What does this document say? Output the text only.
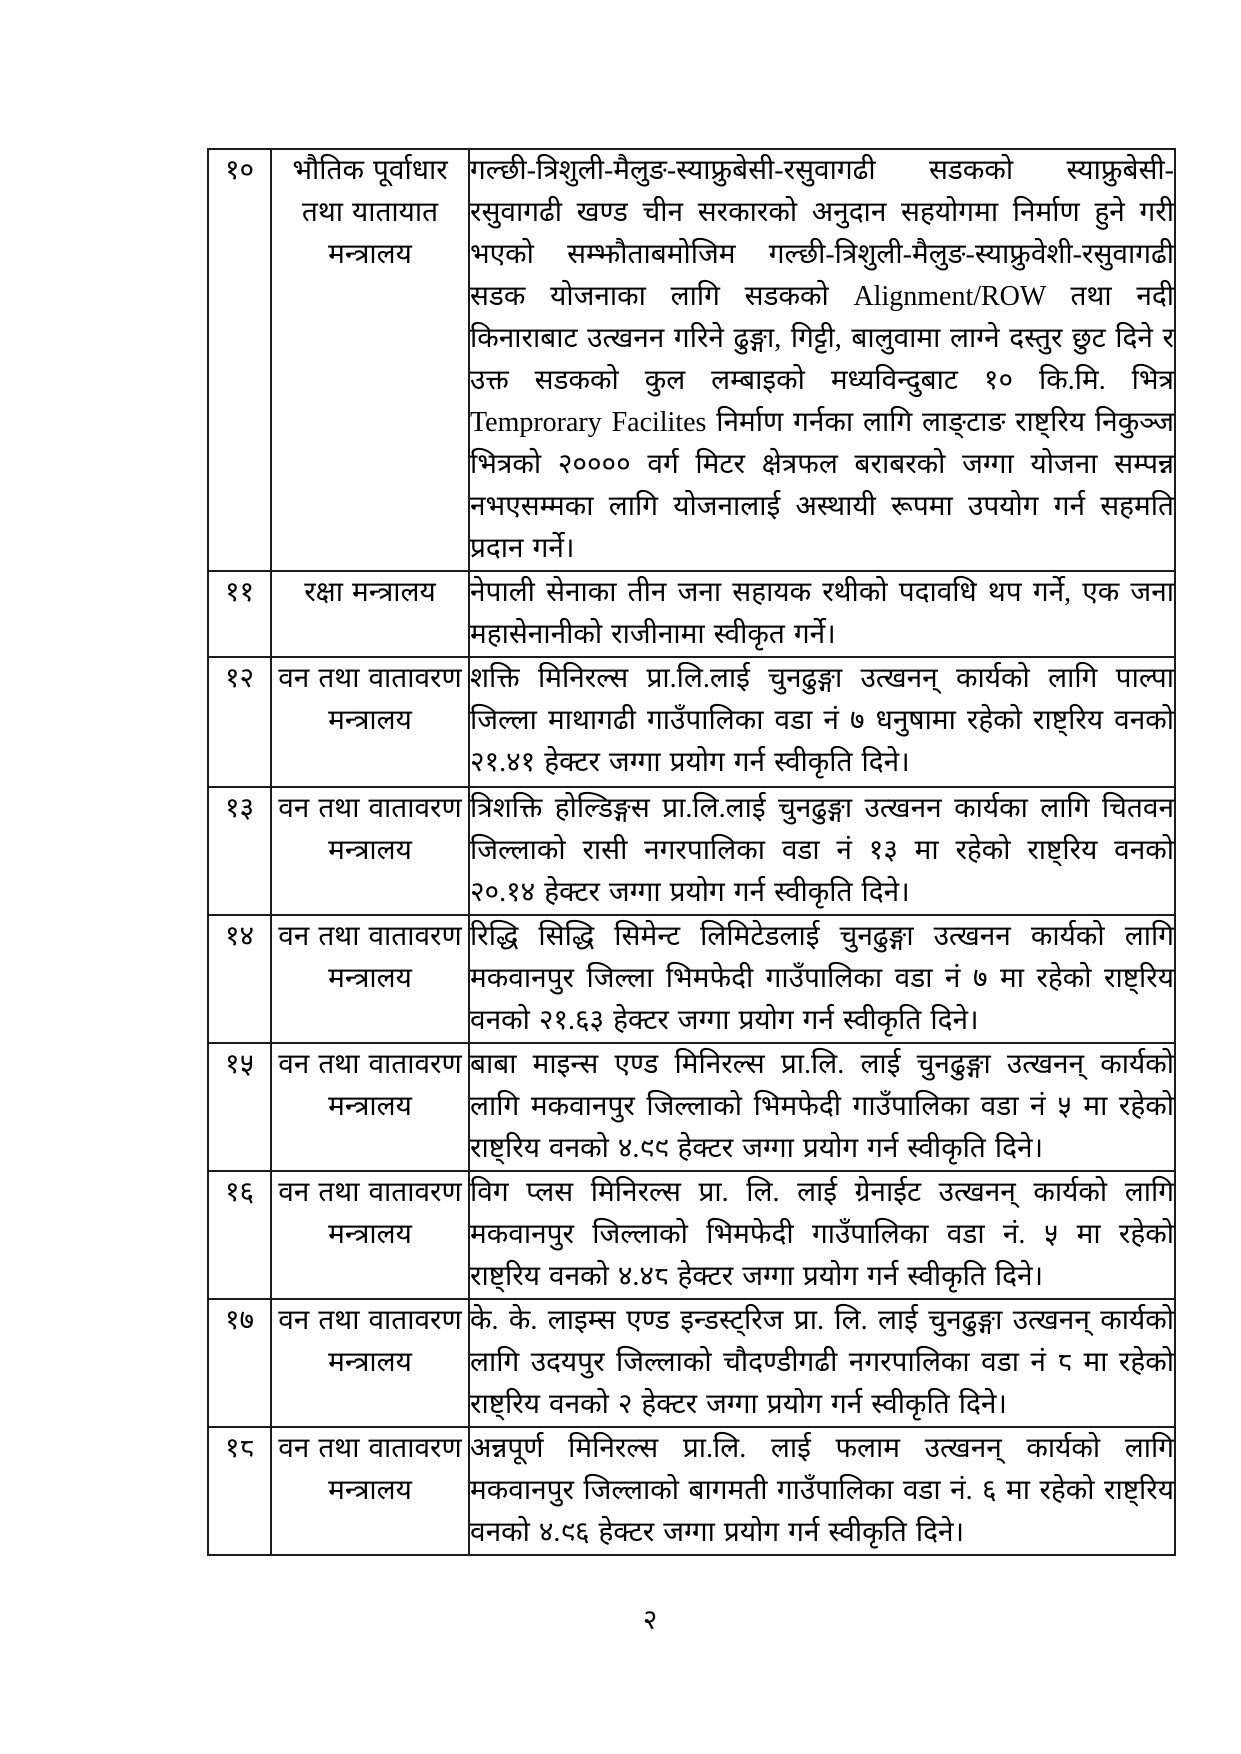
१०	भौतिक पूर्वाधार तथा यातायात मन्त्रालय	गल्छी-त्रिशुली-मैलुङ-स्याफ्रुबेसी-रसुवागढी सडकको स्याफ्रुबेसी-रसुवागढी खण्ड चीन सरकारको अनुदान सहयोगमा निर्माण हुने गरी भएको सम्झौताबमोजिम गल्छी-त्रिशुली-मैलुङ-स्याफ्रुवेशी-रसुवागढी सडक योजनाका लागि सडकको Alignment/ROW तथा नदी किनाराबाट उत्खनन गरिने ढुङ्गा, गिट्टी, बालुवामा लाग्ने दस्तुर छुट दिने र उक्त सडकको कुल लम्बाइको मध्यविन्दुबाट १० कि.मि. भित्र Temprorary Facilites निर्माण गर्नका लागि लाङ्टाङ राष्ट्रिय निकुञ्ज भित्रको २०००० वर्ग मिटर क्षेत्रफल बराबरको जग्गा योजना सम्पन्न नभएसम्मका लागि योजनालाई अस्थायी रूपमा उपयोग गर्न सहमति प्रदान गर्ने।
११	रक्षा मन्त्रालय	नेपाली सेनाका तीन जना सहायक रथीको पदावधि थप गर्ने, एक जना महासेनानीको राजीनामा स्वीकृत गर्ने।
१२	वन तथा वातावरण मन्त्रालय	शक्ति मिनिरल्स प्रा.लि.लाई चुनढुङ्गा उत्खनन् कार्यको लागि पाल्पा जिल्ला माथागढी गाउँपालिका वडा नं ७ धनुषामा रहेको राष्ट्रिय वनको २१.४१ हेक्टर जग्गा प्रयोग गर्न स्वीकृति दिने।
१३	वन तथा वातावरण मन्त्रालय	त्रिशक्ति होल्डिङ्गस प्रा.लि.लाई चुनढुङ्गा उत्खनन कार्यका लागि चितवन जिल्लाको रासी नगरपालिका वडा नं १३ मा रहेको राष्ट्रिय वनको २०.१४ हेक्टर जग्गा प्रयोग गर्न स्वीकृति दिने।
१४	वन तथा वातावरण मन्त्रालय	रिद्धि सिद्धि सिमेन्ट लिमिटेडलाई चुनढुङ्गा उत्खनन कार्यको लागि मकवानपुर जिल्ला भिमफेदी गाउँपालिका वडा नं ७ मा रहेको राष्ट्रिय वनको २१.६३ हेक्टर जग्गा प्रयोग गर्न स्वीकृति दिने।
१५	वन तथा वातावरण मन्त्रालय	बाबा माइन्स एण्ड मिनिरल्स प्रा.लि. लाई चुनढुङ्गा उत्खनन् कार्यको लागि मकवानपुर जिल्लाको भिमफेदी गाउँपालिका वडा नं ५ मा रहेको राष्ट्रिय वनको ४.९९ हेक्टर जग्गा प्रयोग गर्न स्वीकृति दिने।
१६	वन तथा वातावरण मन्त्रालय	विग प्लस मिनिरल्स प्रा. लि. लाई ग्रेनाईट उत्खनन् कार्यको लागि मकवानपुर जिल्लाको भिमफेदी गाउँपालिका वडा नं. ५ मा रहेको राष्ट्रिय वनको ४.४८ हेक्टर जग्गा प्रयोग गर्न स्वीकृति दिने।
१७	वन तथा वातावरण मन्त्रालय	के. के. लाइम्स एण्ड इन्डस्ट्रिज प्रा. लि. लाई चुनढुङ्गा उत्खनन् कार्यको लागि उदयपुर जिल्लाको चौदण्डीगढी नगरपालिका वडा नं ८ मा रहेको राष्ट्रिय वनको २ हेक्टर जग्गा प्रयोग गर्न स्वीकृति दिने।
१८	वन तथा वातावरण मन्त्रालय	अन्नपूर्ण मिनिरल्स प्रा.लि. लाई फलाम उत्खनन् कार्यको लागि मकवानपुर जिल्लाको बागमती गाउँपालिका वडा नं. ६ मा रहेको राष्ट्रिय वनको ४.९६ हेक्टर जग्गा प्रयोग गर्न स्वीकृति दिने।
२
